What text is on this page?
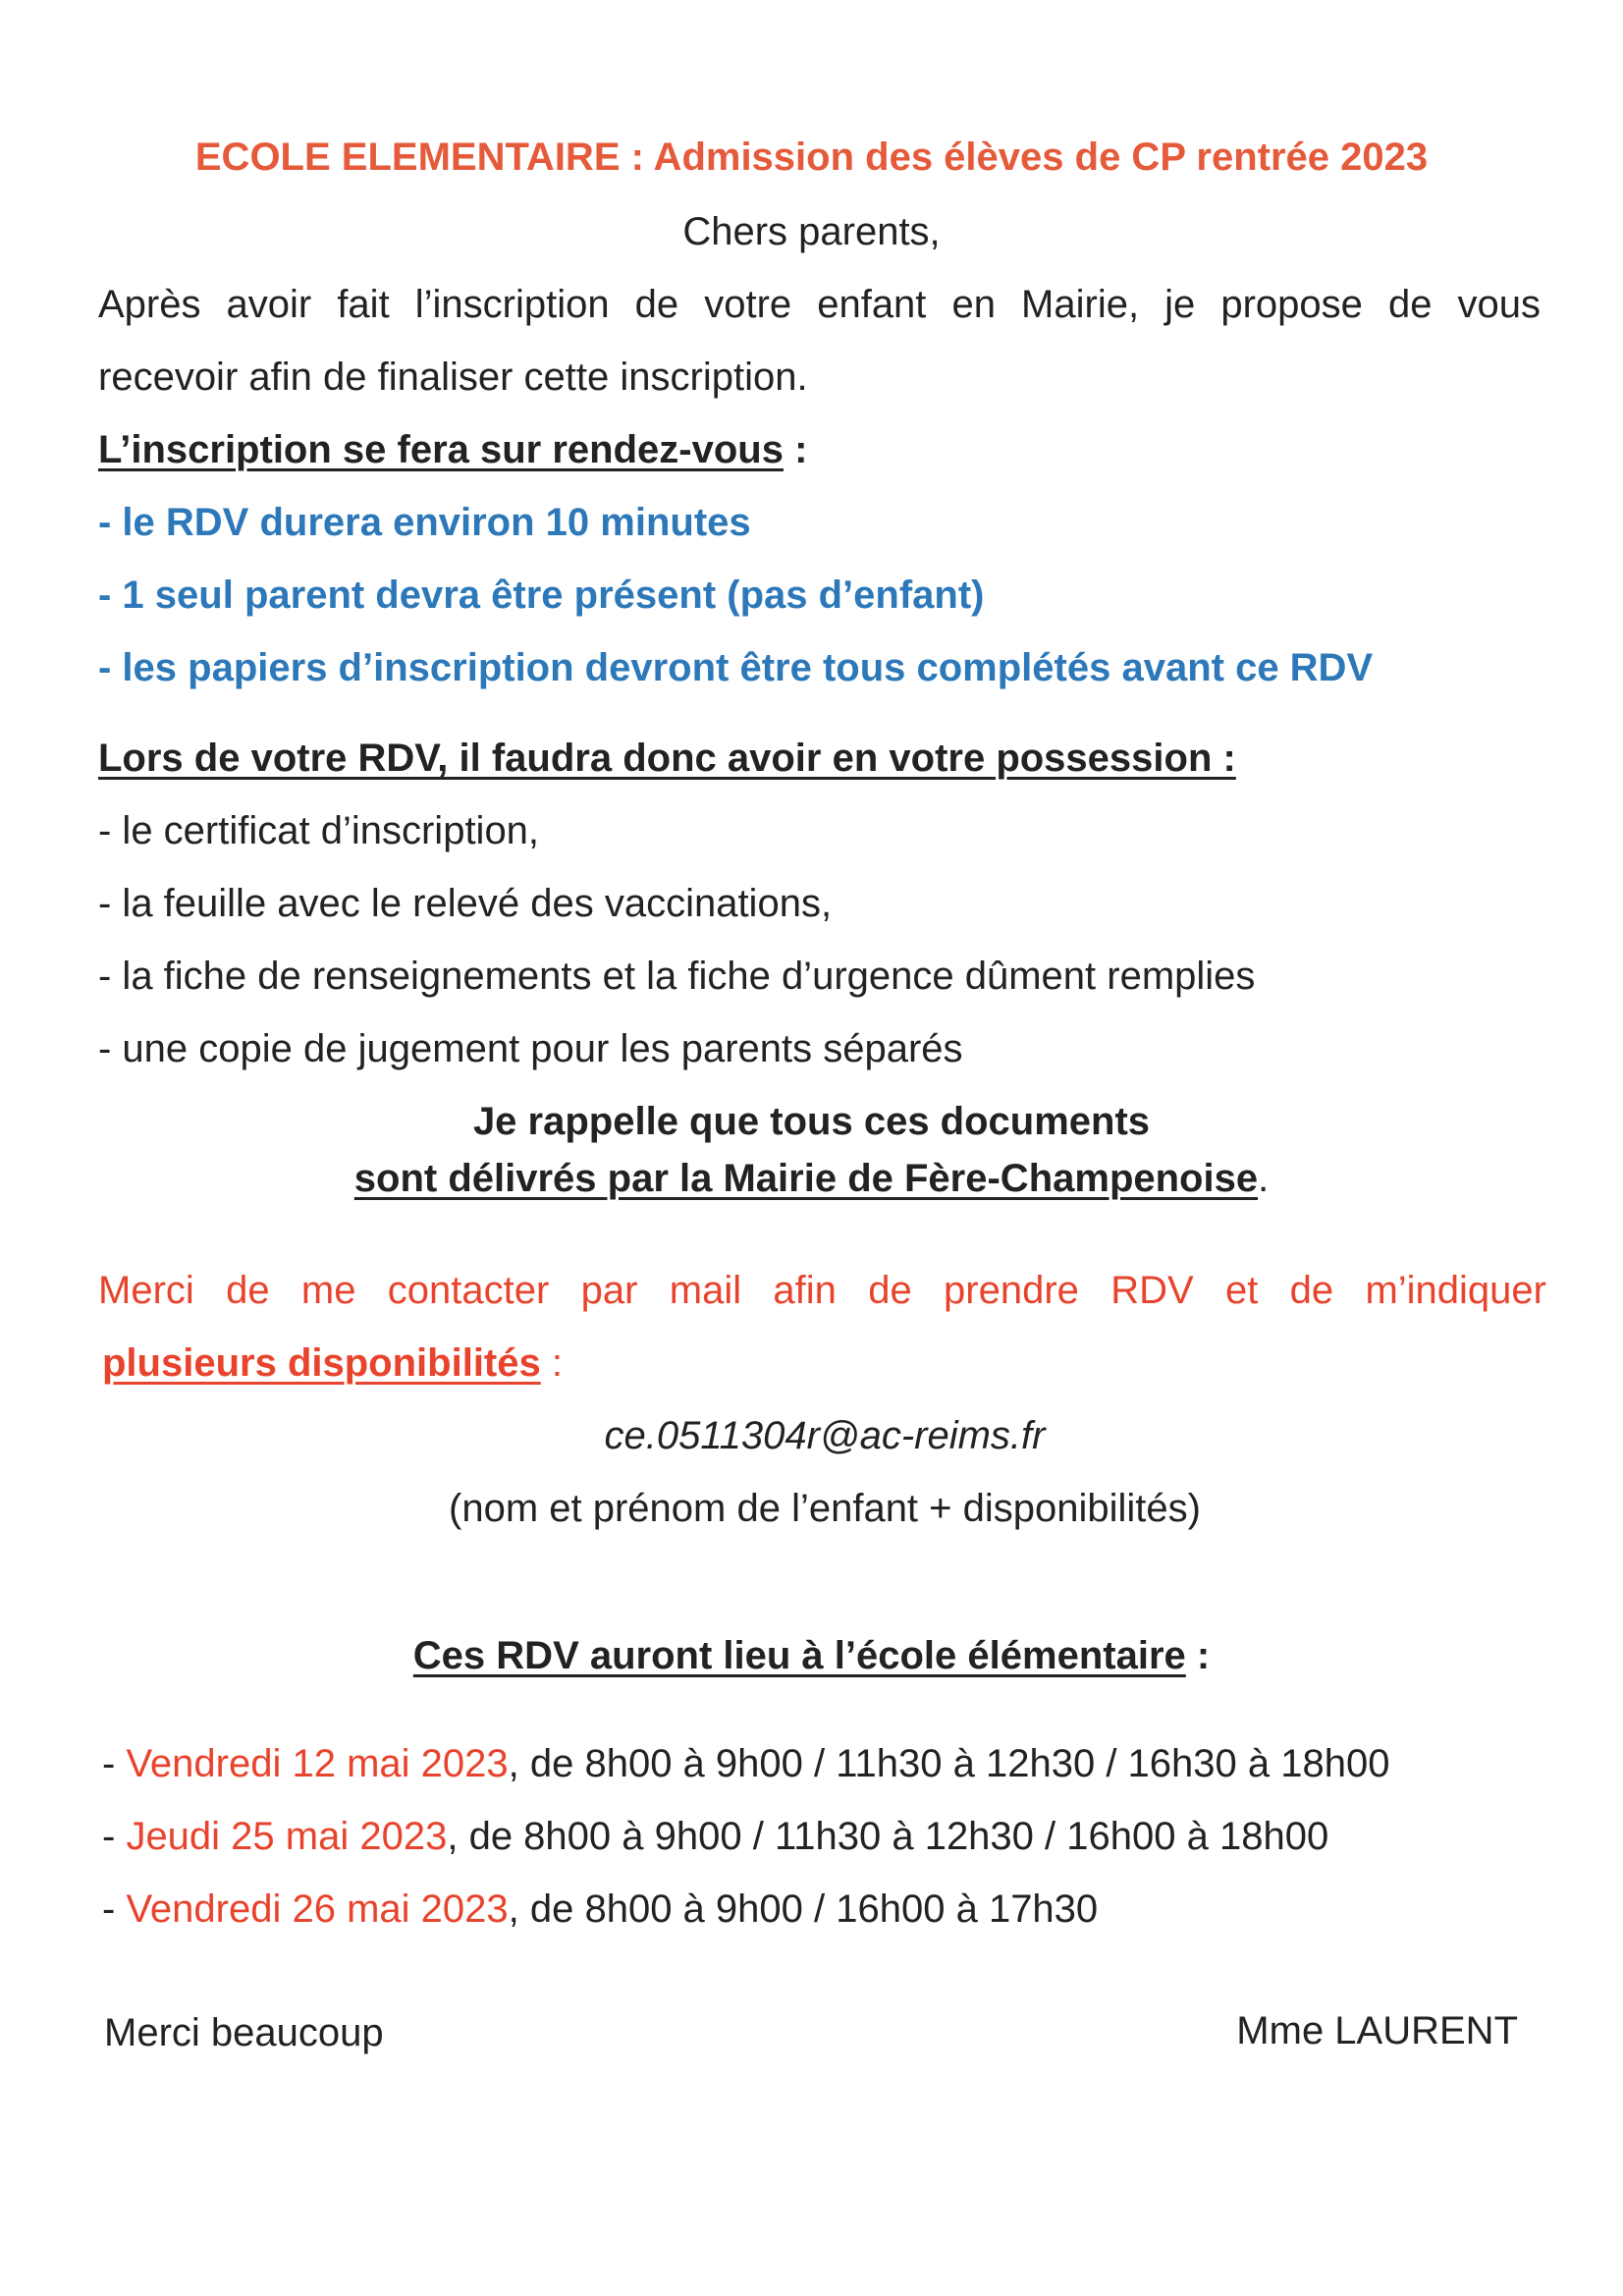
ECOLE ELEMENTAIRE : Admission des élèves de CP rentrée 2023
Chers parents,
Après avoir fait l’inscription de votre enfant en Mairie, je propose de vous
recevoir afin de finaliser cette inscription.
L’inscription se fera sur rendez-vous :
- le RDV durera environ 10 minutes
- 1 seul parent devra être présent (pas d’enfant)
- les papiers d’inscription devront être tous complétés avant ce RDV
Lors de votre RDV, il faudra donc avoir en votre possession :
- le certificat d’inscription,
- la feuille avec le relevé des vaccinations,
- la fiche de renseignements et la fiche d’urgence dûment remplies
- une copie de jugement pour les parents séparés
Je rappelle que tous ces documents
sont délivrés par la Mairie de Fère-Champenoise.
Merci de me contacter par mail afin de prendre RDV et de m’indiquer
plusieurs disponibilités :
ce.0511304r@ac-reims.fr
(nom et prénom de l’enfant + disponibilités)
Ces RDV auront lieu à l’école élémentaire :
- Vendredi 12 mai 2023, de 8h00 à 9h00 / 11h30 à 12h30 / 16h30 à 18h00
- Jeudi 25 mai 2023, de 8h00 à 9h00 / 11h30 à 12h30 / 16h00 à 18h00
- Vendredi 26 mai 2023, de 8h00 à 9h00 / 16h00 à 17h30
Merci beaucoup	Mme LAURENT
